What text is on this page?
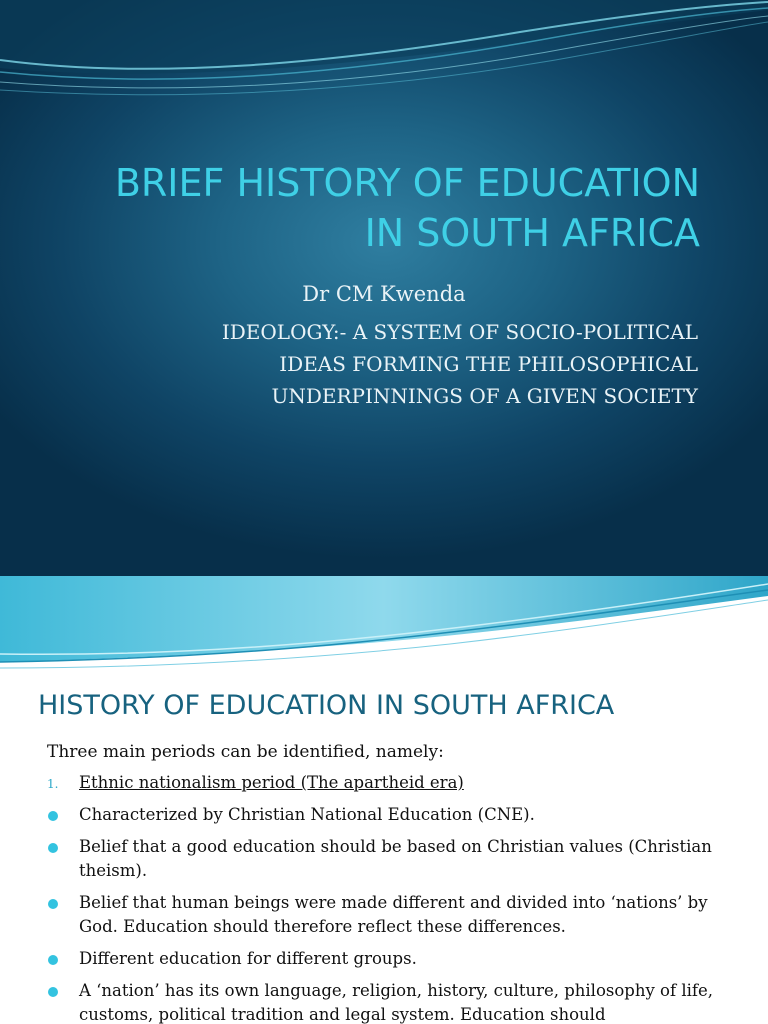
BRIEF HISTORY OF EDUCATION
IN SOUTH AFRICA
Dr CM Kwenda
IDEOLOGY:- A SYSTEM OF SOCIO-POLITICAL
IDEAS FORMING THE PHILOSOPHICAL
UNDERPINNINGS OF A GIVEN SOCIETY
HISTORY OF EDUCATION IN SOUTH AFRICA
Three main periods can be identified, namely:
1. Ethnic nationalism period (The apartheid era)
Characterized by Christian National Education (CNE).
Belief that a good education should be based on Christian values (Christian theism).
Belief that human beings were made different and divided into ‘nations’ by God. Education should therefore reflect these differences.
Different education for different groups.
A ‘nation’ has its own language, religion, history, culture, philosophy of life, customs, political tradition and legal system. Education should
